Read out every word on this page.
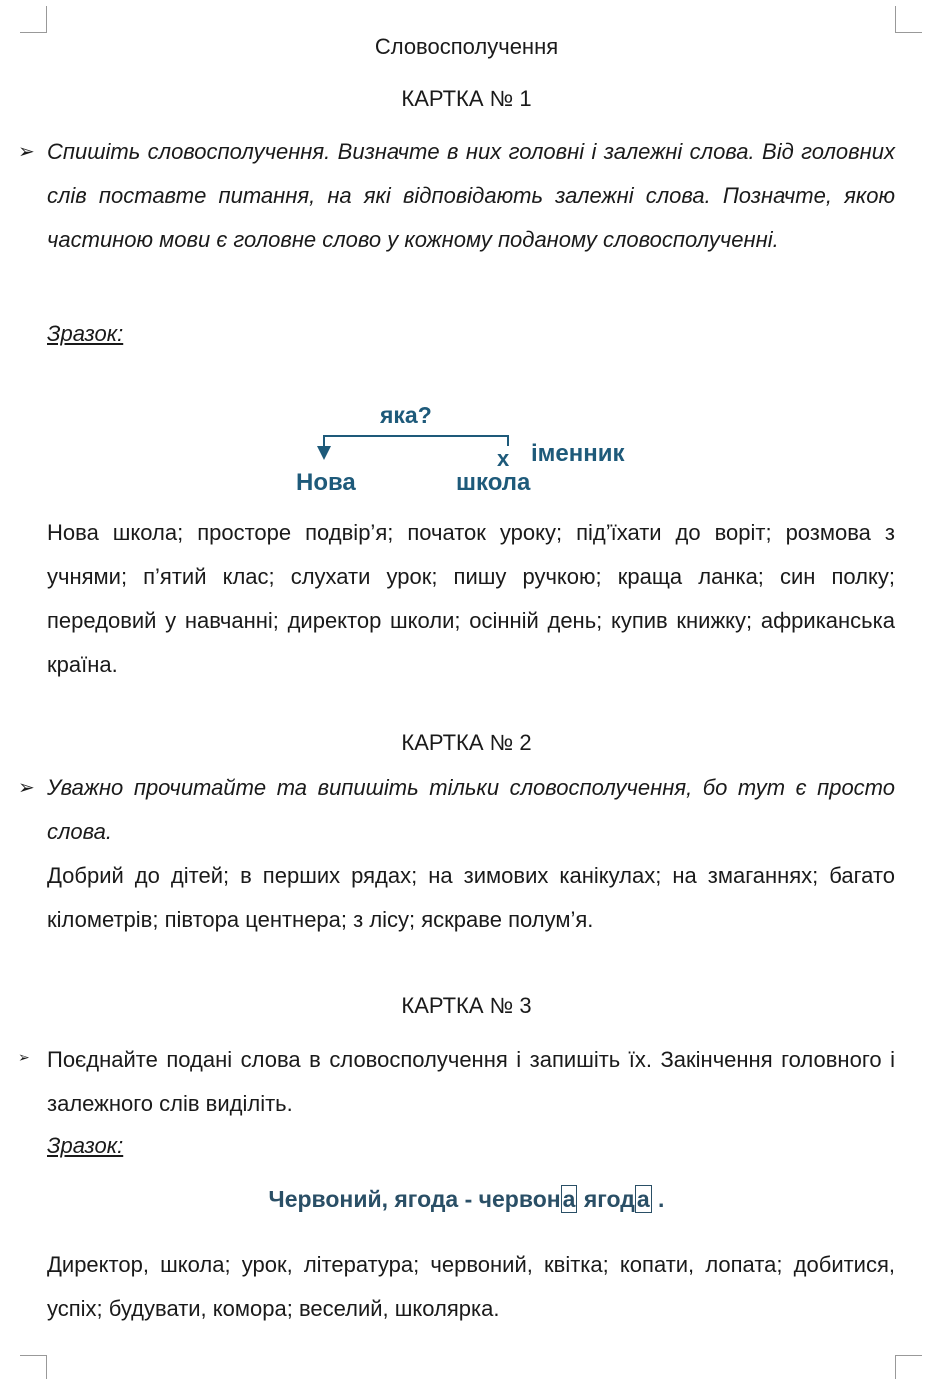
Словосполучення
КАРТКА № 1
➢ Спишіть словосполучення. Визначте в них головні і залежні слова. Від головних слів поставте питання, на які відповідають залежні слова. Позначте, якою частиною мови є головне слово у кожному поданому словосполученні.
Зразок:
яка?
x іменник
Нова	школа
Нова школа; просторе подвір’я; початок уроку; під’їхати до воріт; розмова з учнями; п’ятий клас; слухати урок; пишу ручкою; краща ланка; син полку; передовий у навчанні; директор школи; осінній день; купив книжку; африканська країна.
КАРТКА № 2
➢ Уважно прочитайте та випишіть тільки словосполучення, бо тут є просто слова.
Добрий до дітей; в перших рядах; на зимових канікулах; на змаганнях; багато кілометрів; півтора центнера; з лісу; яскраве полум’я.
КАРТКА № 3
➢ Поєднайте подані слова в словосполучення і запишіть їх. Закінчення головного і залежного слів виділіть.
Зразок:
Червоний, ягода - червона ягода .
Директор, школа; урок, література; червоний, квітка; копати, лопата; добитися, успіх; будувати, комора; веселий, школярка.
